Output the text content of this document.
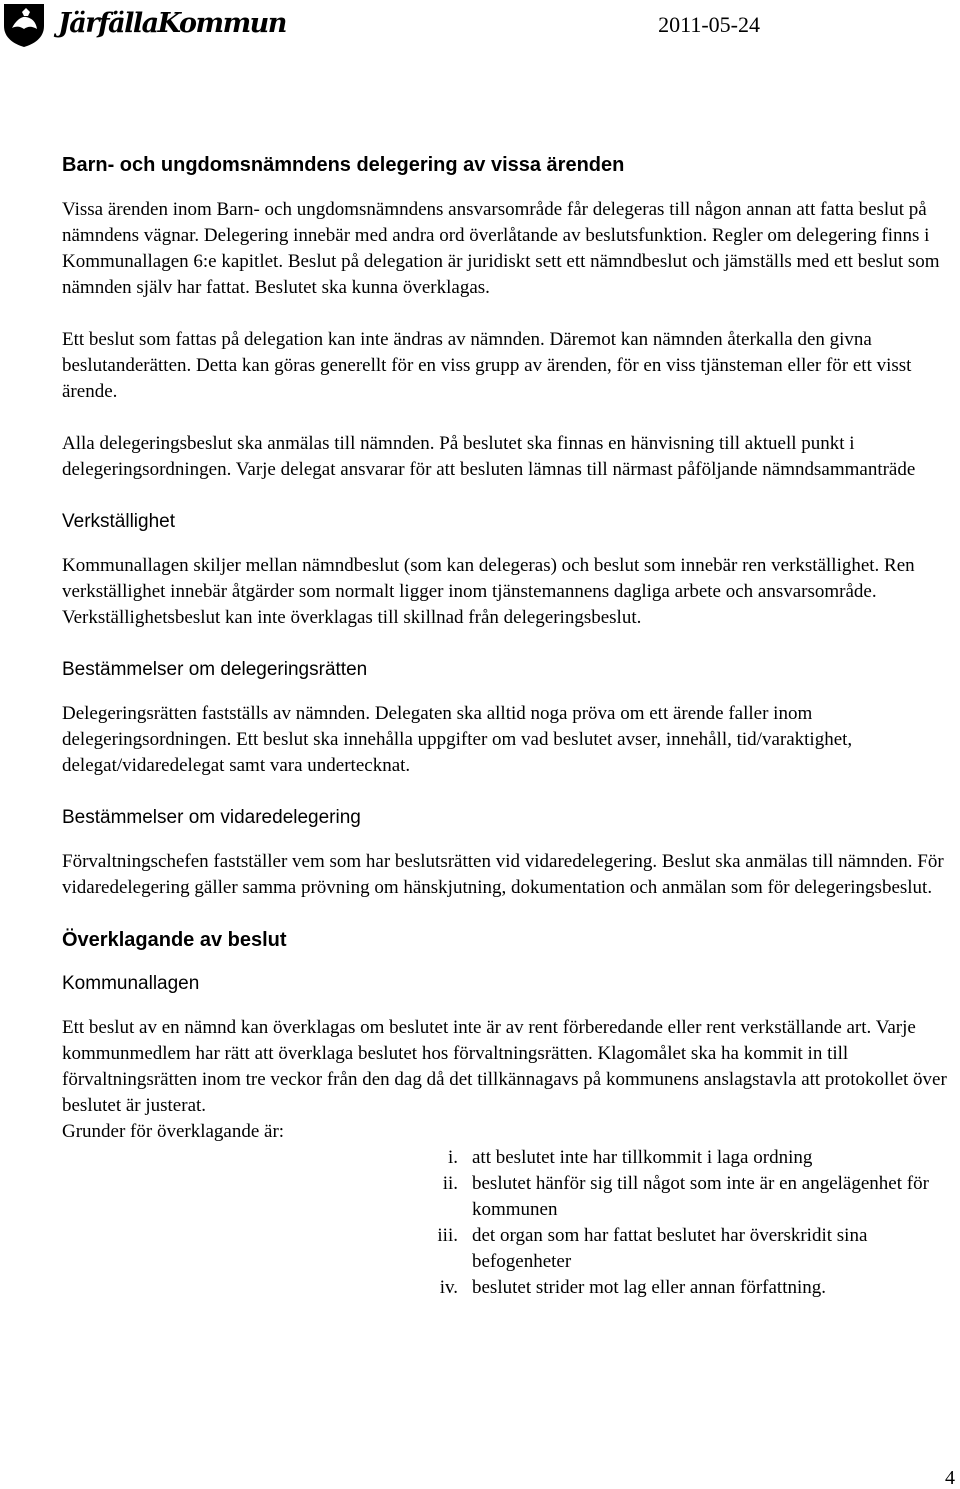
JärfällaKommun	2011-05-24
Barn- och ungdomsnämndens delegering av vissa ärenden

Vissa ärenden inom Barn- och ungdomsnämndens ansvarsområde får delegeras till någon annan att fatta beslut på nämndens vägnar. Delegering innebär med andra ord överlåtande av beslutsfunktion. Regler om delegering finns i Kommunallagen 6:e kapitlet. Beslut på delegation är juridiskt sett ett nämndbeslut och jämställs med ett beslut som nämnden själv har fattat. Beslutet ska kunna överklagas.

Ett beslut som fattas på delegation kan inte ändras av nämnden. Däremot kan nämnden återkalla den givna beslutanderätten. Detta kan göras generellt för en viss grupp av ärenden, för en viss tjänsteman eller för ett visst ärende.

Alla delegeringsbeslut ska anmälas till nämnden. På beslutet ska finnas en hänvisning till aktuell punkt i delegeringsordningen. Varje delegat ansvarar för att besluten lämnas till närmast påföljande nämndsammanträde

Verkställighet

Kommunallagen skiljer mellan nämndbeslut (som kan delegeras) och beslut som innebär ren verkställighet. Ren verkställighet innebär åtgärder som normalt ligger inom tjänstemannens dagliga arbete och ansvarsområde. Verkställighetsbeslut kan inte överklagas till skillnad från delegeringsbeslut.

Bestämmelser om delegeringsrätten

Delegeringsrätten fastställs av nämnden. Delegaten ska alltid noga pröva om ett ärende faller inom delegeringsordningen. Ett beslut ska innehålla uppgifter om vad beslutet avser, innehåll, tid/varaktighet, delegat/vidaredelegat samt vara undertecknat.

Bestämmelser om vidaredelegering

Förvaltningschefen fastställer vem som har beslutsrätten vid vidaredelegering. Beslut ska anmälas till nämnden. För vidaredelegering gäller samma prövning om hänskjutning, dokumentation och anmälan som för delegeringsbeslut.

Överklagande av beslut
Kommunallagen

Ett beslut av en nämnd kan överklagas om beslutet inte är av rent förberedande eller rent verkställande art. Varje kommunmedlem har rätt att överklaga beslutet hos förvaltningsrätten. Klagomålet ska ha kommit in till förvaltningsrätten inom tre veckor från den dag då det tillkännagavs på kommunens anslagstavla att protokollet över beslutet är justerat.

Grunder för överklagande är:

i. att beslutet inte har tillkommit i laga ordning
ii. beslutet hänför sig till något som inte är en angelägenhet för kommunen
iii. det organ som har fattat beslutet har överskridit sina befogenheter
iv. beslutet strider mot lag eller annan författning.
4
